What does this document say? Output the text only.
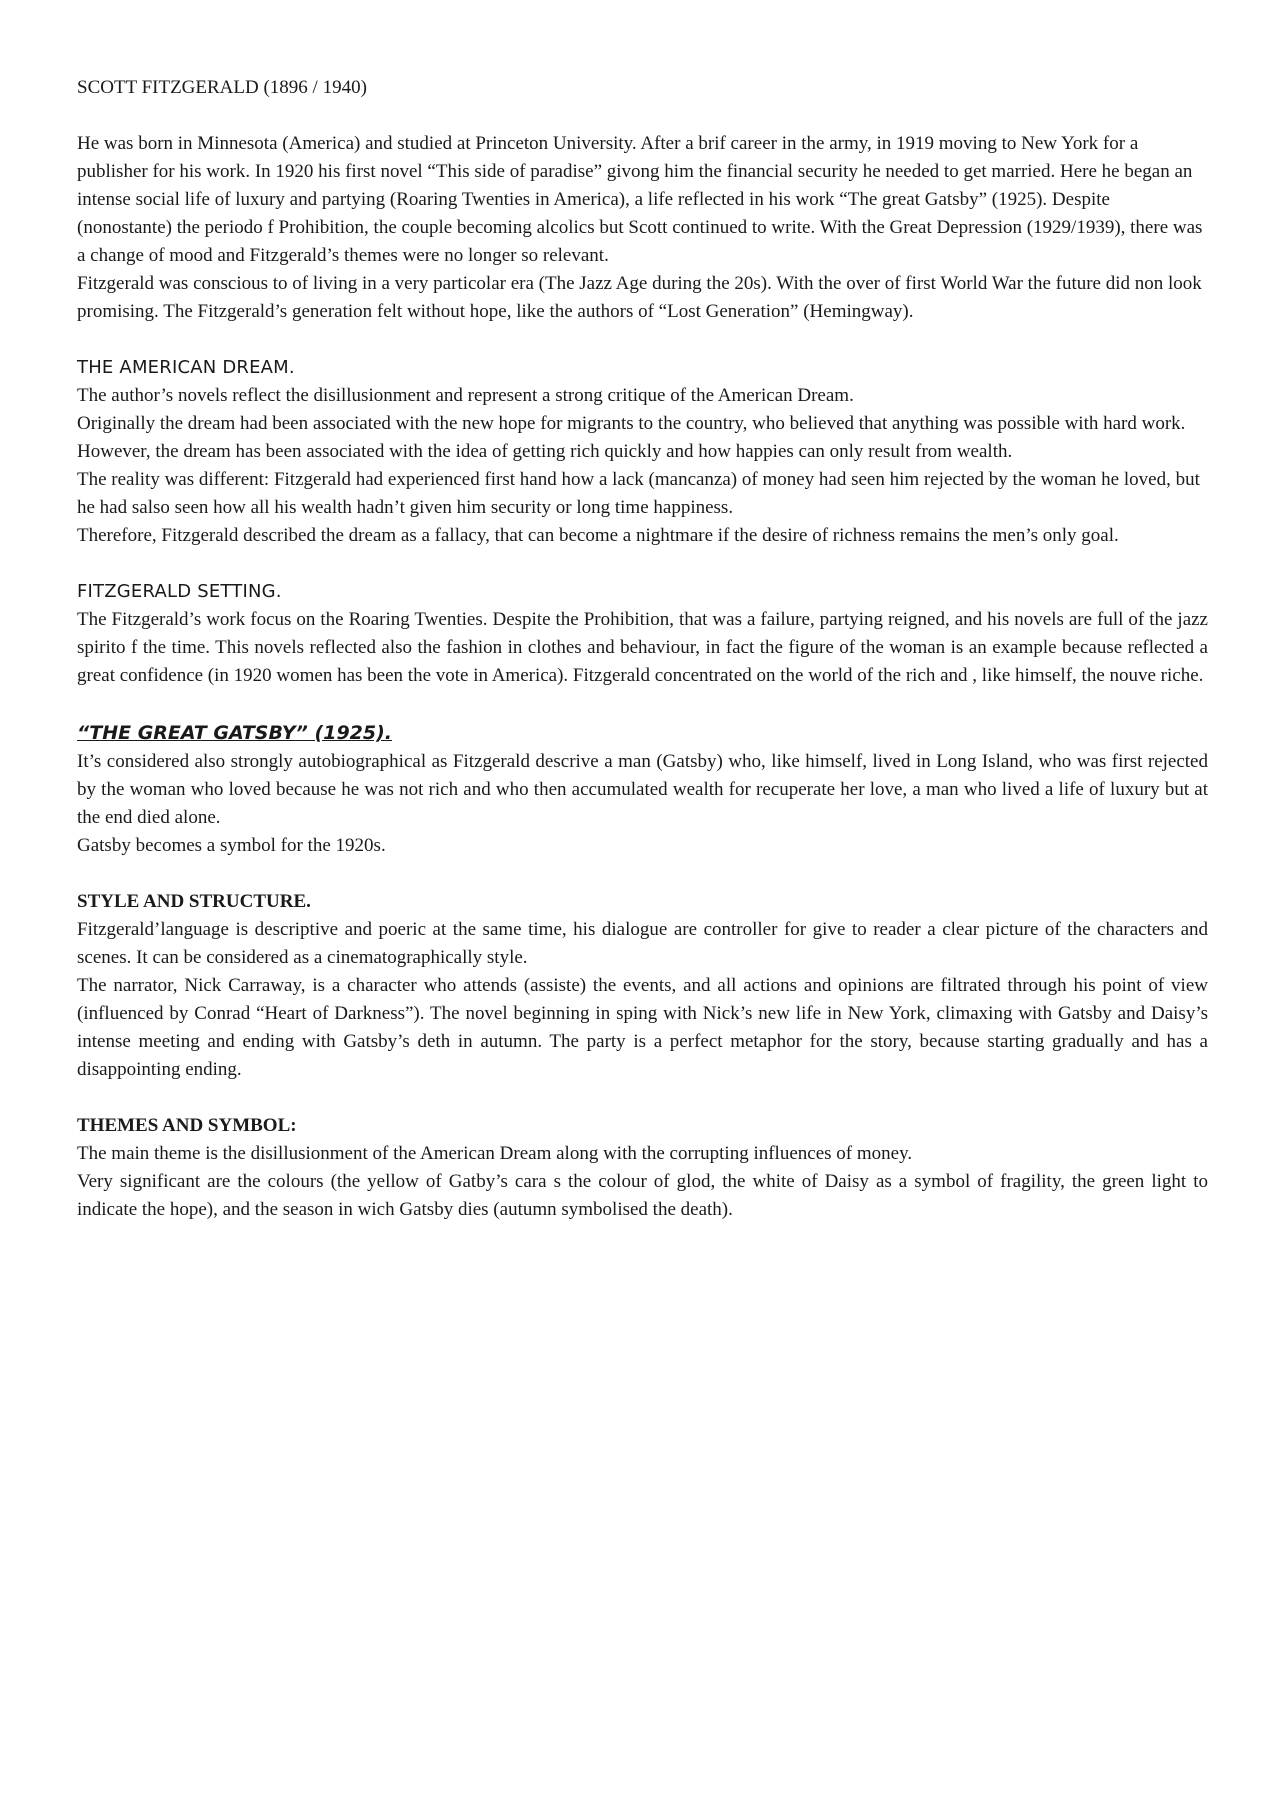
SCOTT FITZGERALD (1896 / 1940)

He was born in Minnesota (America) and studied at Princeton University. After a brif career in the army, in 1919 moving to New York for a publisher for his work. In 1920 his first novel “This side of paradise” givong him the financial security he needed to get married. Here he began an intense social life of luxury and partying (Roaring Twenties in America), a life reflected in his work “The great Gatsby” (1925). Despite (nonostante) the periodo f Prohibition, the couple becoming alcolics but Scott continued to write. With the Great Depression (1929/1939), there was a change of mood and Fitzgerald’s themes were no longer so relevant.

Fitzgerald was conscious to of living in a very particolar era (The Jazz Age during the 20s). With the over of first World War the future did non look promising. The Fitzgerald’s generation felt without hope, like the authors of “Lost Generation” (Hemingway).

THE AMERICAN DREAM.

The author’s novels reflect the disillusionment and represent a strong critique of the American Dream.

Originally the dream had been associated with the new hope for migrants to the country, who believed that anything was possible with hard work. However, the dream has been associated with the idea of getting rich quickly and how happies can only result from wealth.

The reality was different: Fitzgerald had experienced first hand how a lack (mancanza) of money had seen him rejected by the woman he loved, but he had salso seen how all his wealth hadn’t given him security or long time happiness.

Therefore, Fitzgerald described the dream as a fallacy, that can become a nightmare if the desire of richness remains the men’s only goal.

FITZGERALD SETTING.

The Fitzgerald’s work focus on the Roaring Twenties. Despite the Prohibition, that was a failure, partying reigned, and his novels are full of the jazz spirito f the time. This novels reflected also the fashion in clothes and behaviour, in fact the figure of the woman is an example because reflected a great confidence (in 1920 women has been the vote in America). Fitzgerald concentrated on the world of the rich and , like himself, the nouve riche.

“THE GREAT GATSBY” (1925).

It’s considered also strongly autobiographical as Fitzgerald descrive a man (Gatsby) who, like himself, lived in Long Island, who was first rejected by the woman who loved because he was not rich and who then accumulated wealth for recuperate her love, a man who lived a life of luxury but at the end died alone.

Gatsby becomes a symbol for the 1920s.

STYLE AND STRUCTURE.

Fitzgerald’language is descriptive and poeric at the same time, his dialogue are controller for give to reader a clear picture of the characters and scenes. It can be considered as a cinematographically style.

The narrator, Nick Carraway, is a character who attends (assiste) the events, and all actions and opinions are filtrated through his point of view (influenced by Conrad “Heart of Darkness”). The novel beginning in sping with Nick’s new life in New York, climaxing with Gatsby and Daisy’s intense meeting and ending with Gatsby’s deth in autumn. The party is a perfect metaphor for the story, because starting gradually and has a disappointing ending.

THEMES AND SYMBOL:

The main theme is the disillusionment of the American Dream along with the corrupting influences of money.

Very significant are the colours (the yellow of Gatby’s cara s the colour of glod, the white of Daisy as a symbol of fragility, the green light to indicate the hope), and the season in wich Gatsby dies (autumn symbolised the death).
